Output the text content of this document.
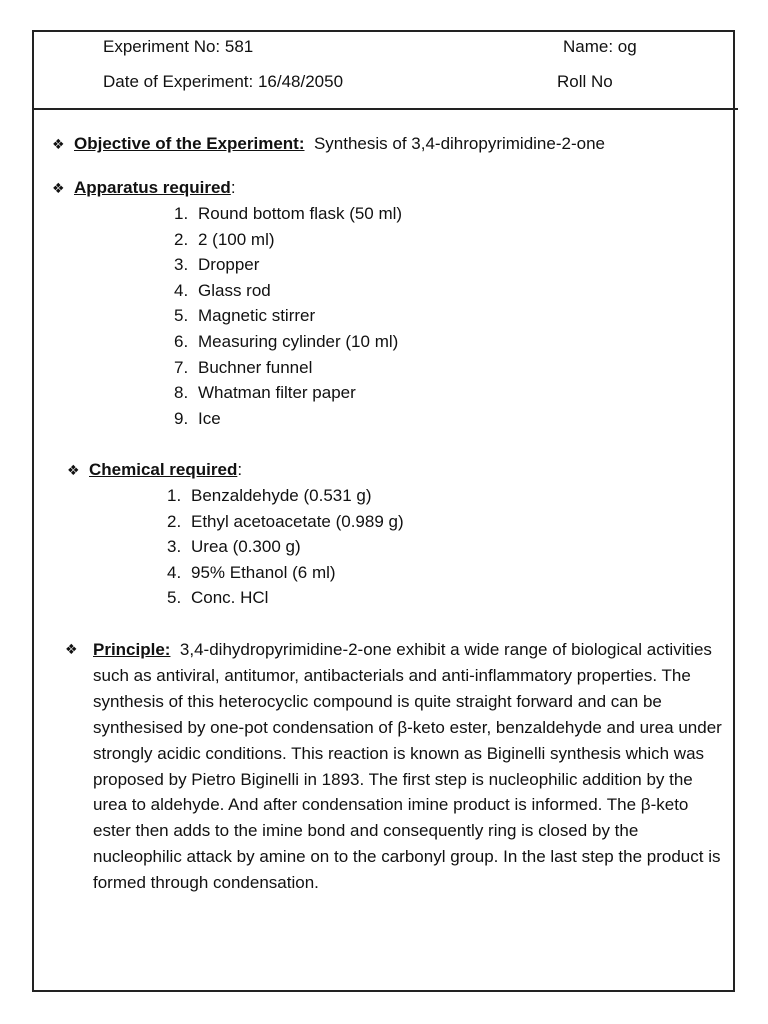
Experiment No: 581	Name: og
Date of Experiment: 16/48/2050	Roll No
❖ Objective of the Experiment: Synthesis of 3,4-dihropyrimidine-2-one
❖ Apparatus required:
1. Round bottom flask (50 ml)
2. 2 (100 ml)
3. Dropper
4. Glass rod
5. Magnetic stirrer
6. Measuring cylinder (10 ml)
7. Buchner funnel
8. Whatman filter paper
9. Ice
❖ Chemical required:
1. Benzaldehyde (0.531 g)
2. Ethyl acetoacetate (0.989 g)
3. Urea (0.300 g)
4. 95% Ethanol (6 ml)
5. Conc. HCl
❖ Principle: 3,4-dihydropyrimidine-2-one exhibit a wide range of biological activities such as antiviral, antitumor, antibacterials and anti-inflammatory properties. The synthesis of this heterocyclic compound is quite straight forward and can be synthesised by one-pot condensation of β-keto ester, benzaldehyde and urea under strongly acidic conditions. This reaction is known as Biginelli synthesis which was proposed by Pietro Biginelli in 1893. The first step is nucleophilic addition by the urea to aldehyde. And after condensation imine product is informed. The β-keto ester then adds to the imine bond and consequently ring is closed by the nucleophilic attack by amine on to the carbonyl group. In the last step the product is formed through condensation.
